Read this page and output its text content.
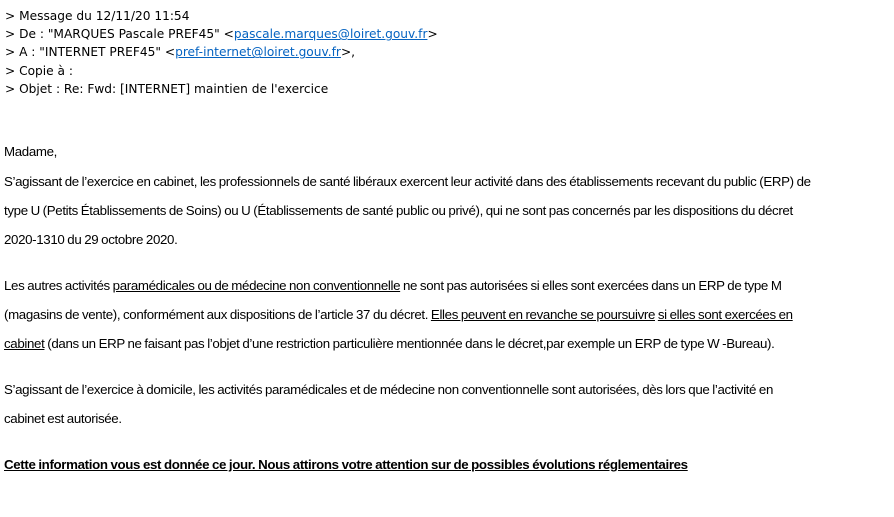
> Message du 12/11/20 11:54
> De : "MARQUES Pascale PREF45" <pascale.marques@loiret.gouv.fr>
> A : "INTERNET PREF45" <pref-internet@loiret.gouv.fr>,
> Copie à :
> Objet : Re: Fwd: [INTERNET] maintien de l'exercice

Madame,

S’agissant de l’exercice en cabinet, les professionnels de santé libéraux exercent leur activité dans des établissements recevant du public (ERP) de
type U (Petits Établissements de Soins) ou U (Établissements de santé public ou privé), qui ne sont pas concernés par les dispositions du décret
2020-1310 du 29 octobre 2020.

Les autres activités paramédicales ou de médecine non conventionnelle ne sont pas autorisées si elles sont exercées dans un ERP de type M
(magasins de vente), conformément aux dispositions de l’article 37 du décret. Elles peuvent en revanche se poursuivre si elles sont exercées en
cabinet (dans un ERP ne faisant pas l’objet d’une restriction particulière mentionnée dans le décret,par exemple un ERP de type W -Bureau).

S’agissant de l’exercice à domicile, les activités paramédicales et de médecine non conventionnelle sont autorisées, dès lors que l’activité en
cabinet est autorisée.

Cette information vous est donnée ce jour. Nous attirons votre attention sur de possibles évolutions réglementaires
